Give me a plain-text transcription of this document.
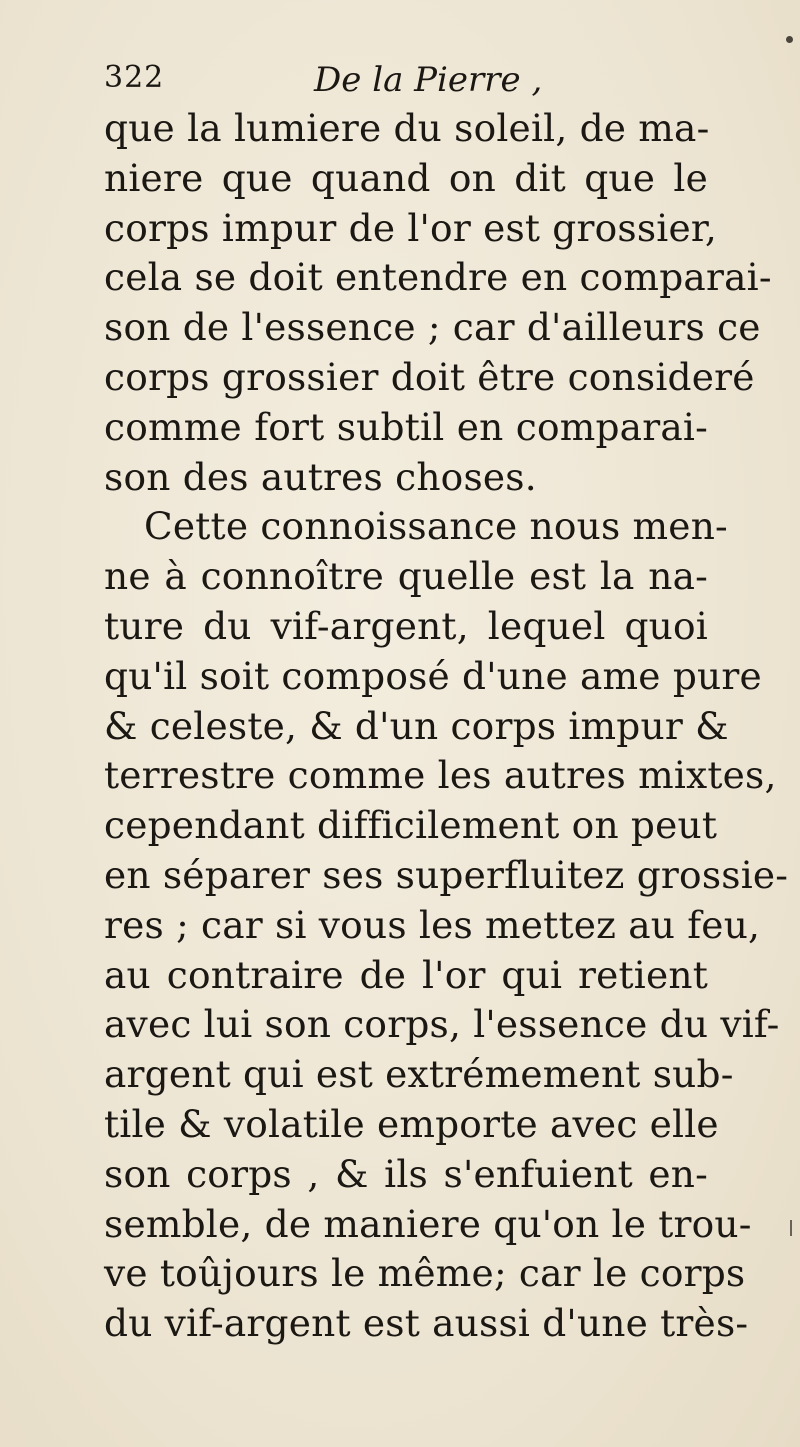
322	De la Pierre ,
que la lumiere du soleil, de ma-
niere que quand on dit que le
corps impur de l'or est grossier,
cela se doit entendre en comparai-
son de l'essence ; car d'ailleurs ce
corps grossier doit être consideré
comme fort subtil en comparai-
son des autres choses.
Cette connoissance nous men-
ne à connoître quelle est la na-
ture du vif-argent, lequel quoi
qu'il soit composé d'une ame pure
& celeste, & d'un corps impur &
terrestre comme les autres mixtes,
cependant difficilement on peut
en séparer ses superfluitez grossie-
res ; car si vous les mettez au feu,
au contraire de l'or qui retient
avec lui son corps, l'essence du vif-
argent qui est extrémement sub-
tile & volatile emporte avec elle
son corps , & ils s'enfuient en-
semble, de maniere qu'on le trou-
ve toûjours le même; car le corps
du vif-argent est aussi d'une très-
